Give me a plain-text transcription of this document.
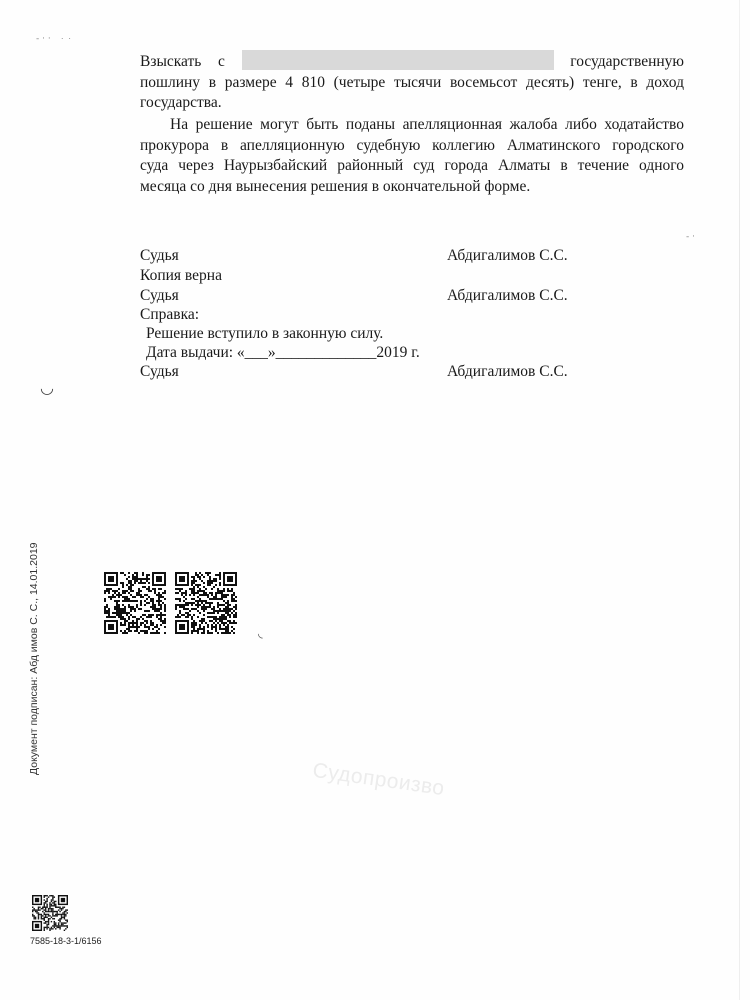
- · · ˙ ˙
- ·
◡
Взыскать с	государственную
пошлину в размере 4 810 (четыре тысячи восемьсот десять) тенге, в доход
государства.
На решение могут быть поданы апелляционная жалоба либо ходатайство
прокурора в апелляционную судебную коллегию Алматинского городского
суда через Наурызбайский районный суд города Алматы в течение одного
месяца со дня вынесения решения в окончательной форме.
Судья	Абдигалимов С.С.
Копия верна
Судья	Абдигалимов С.С.
Справка:
Решение вступило в законную силу.
Дата выдачи: «___»_____________2019 г.
Судья	Абдигалимов С.С.
◟
Документ подписан: Абд имов С. С., 14.01.2019
Судопроизво
7585-18-3-1/6156
